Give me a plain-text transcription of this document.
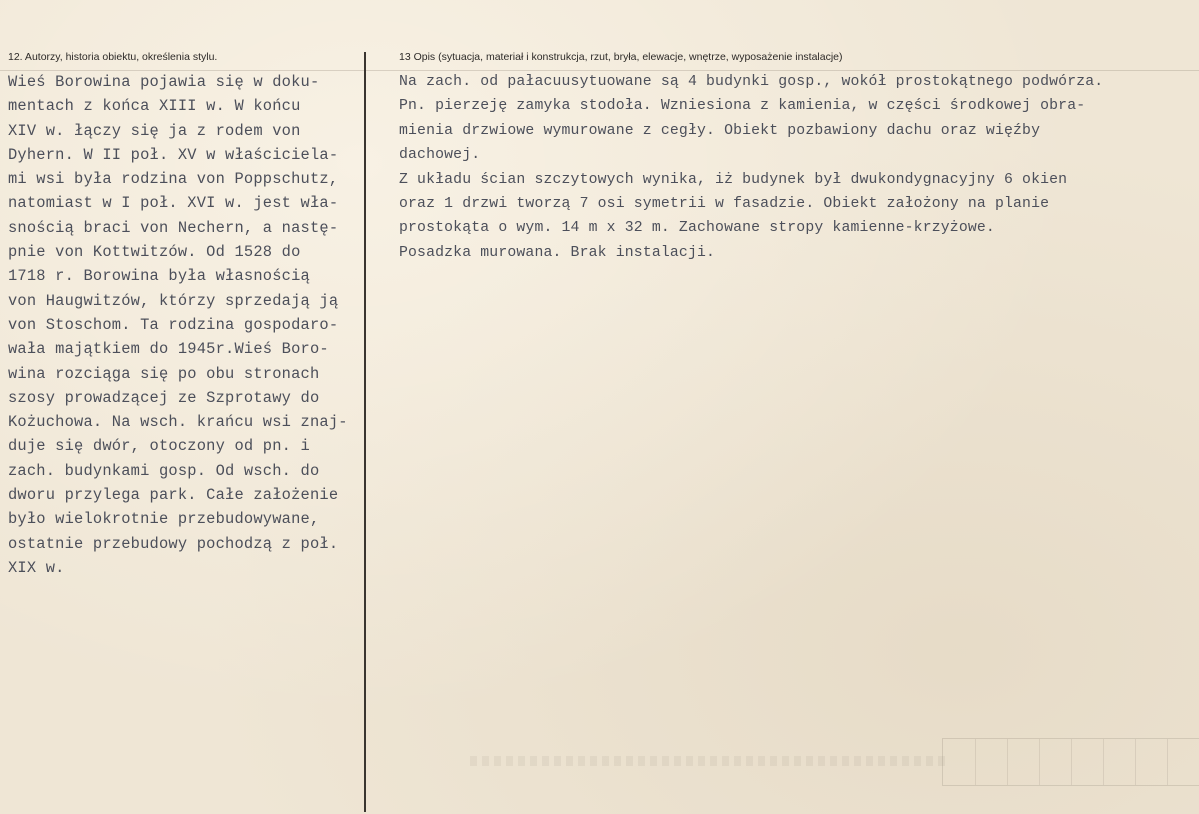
12. Autorzy, historia obiektu, określenia stylu.
Wieś Borowina pojawia się w doku-
mentach z końca XIII w. W końcu
XIV w. łączy się ja z rodem von
Dyhern. W II poł. XV w właściciela-
mi wsi była rodzina von Poppschutz,
natomiast w I poł. XVI w. jest wła-
snością braci von Nechern, a nastę-
pnie von Kottwitzów. Od 1528 do
1718 r. Borowina była własnością
von Haugwitzów, którzy sprzedają ją
von Stoschom. Ta rodzina gospodaro-
wała majątkiem do 1945r.Wieś Boro-
wina rozciąga się po obu stronach
szosy prowadzącej ze Szprotawy do
Kożuchowa. Na wsch. krańcu wsi znaj-
duje się dwór, otoczony od pn. i
zach. budynkami gosp. Od wsch. do
dworu przylega park. Całe założenie
było wielokrotnie przebudowywane,
ostatnie przebudowy pochodzą z poł.
XIX w.
13 Opis (sytuacja, materiał i konstrukcja, rzut, bryła, elewacje, wnętrze, wyposażenie instalacje)
Na zach. od pałacuusytuowane są 4 budynki gosp., wokół prostokątnego podwórza.
Pn. pierzeję zamyka stodoła. Wzniesiona z kamienia, w części środkowej obra-
mienia drzwiowe wymurowane z cegły. Obiekt pozbawiony dachu oraz więźby
dachowej.
Z układu ścian szczytowych wynika, iż budynek był dwukondygnacyjny 6 okien
oraz 1 drzwi tworzą 7 osi symetrii w fasadzie. Obiekt założony na planie
prostokąta o wym. 14 m x 32 m. Zachowane stropy kamienne-krzyżowe.
Posadzka murowana. Brak instalacji.
